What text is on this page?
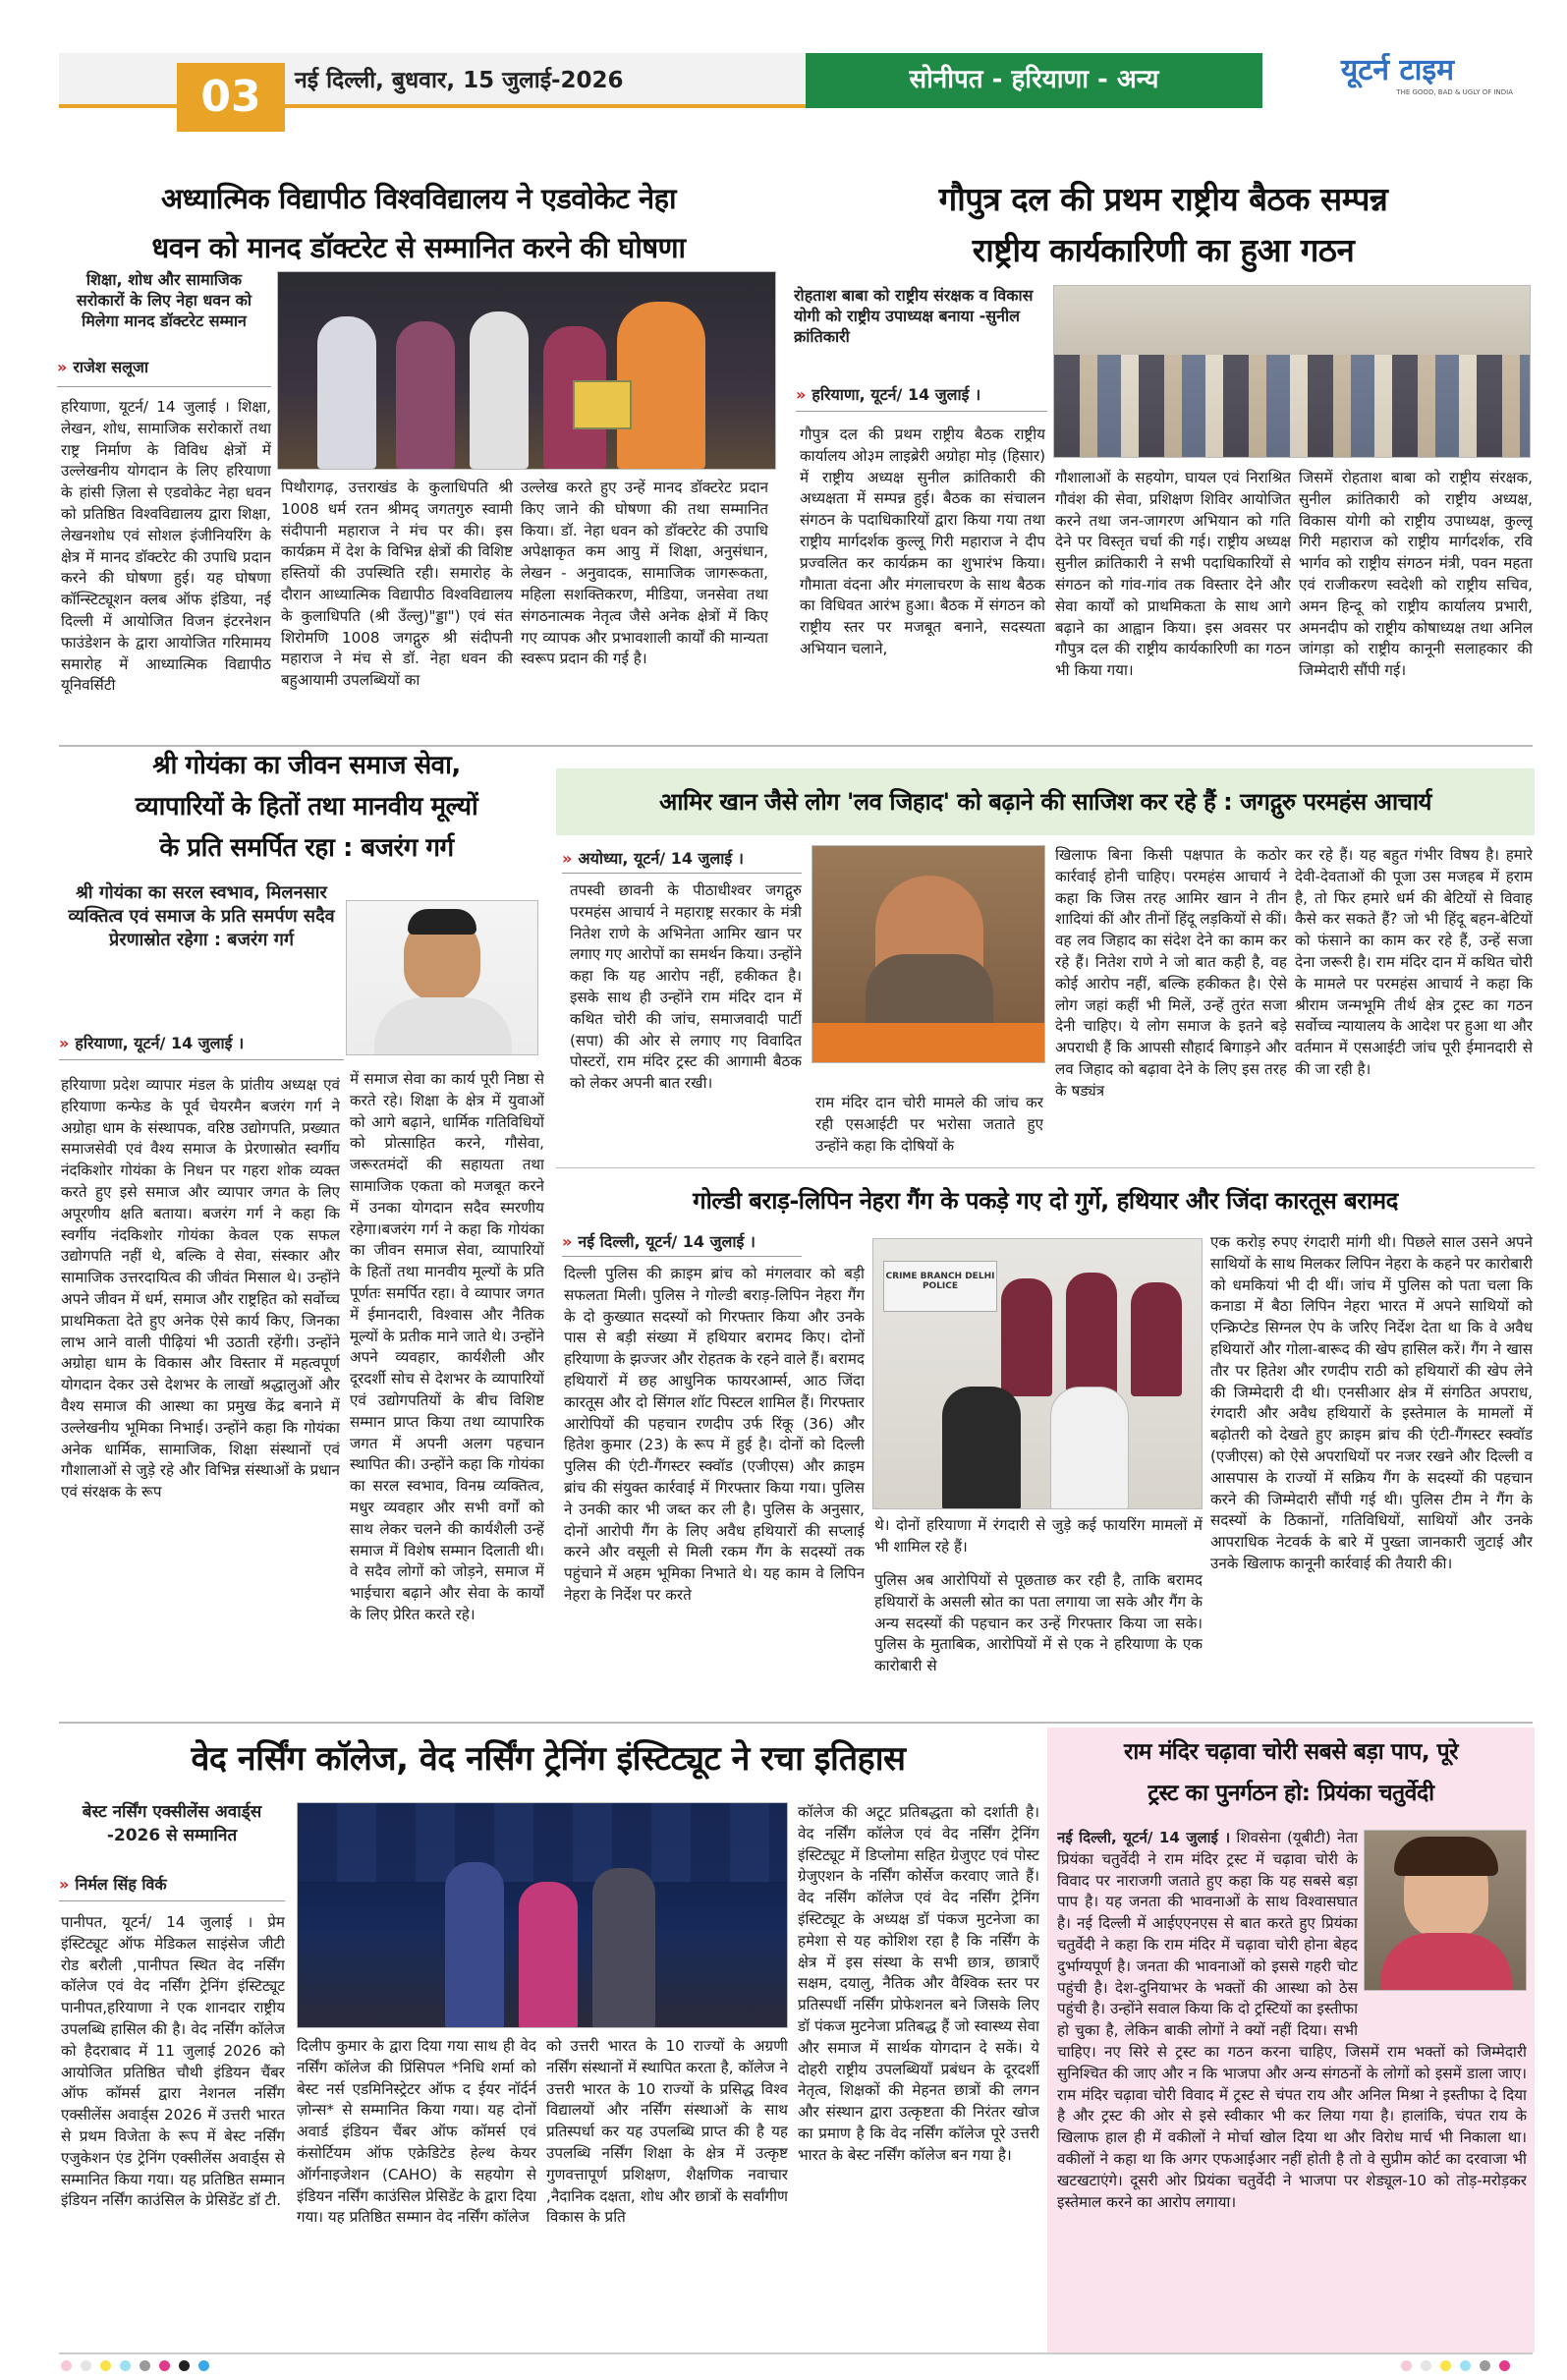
03	नई दिल्ली, बुधवार, 15 जुलाई-2026	सोनीपत - हरियाणा - अन्य	यूटर्न टाइम
THE GOOD, BAD & UGLY OF INDIA
अध्यात्मिक विद्यापीठ विश्वविद्यालय ने एडवोकेट नेहा
धवन को मानद डॉक्टरेट से सम्मानित करने की घोषणा
शिक्षा, शोध और सामाजिक सरोकारों के लिए नेहा धवन को मिलेगा मानद डॉक्टरेट सम्मान
» राजेश सलूजा
हरियाणा, यूटर्न/ 14 जुलाई । शिक्षा, लेखन, शोध, सामाजिक सरोकारों तथा राष्ट्र निर्माण के विविध क्षेत्रों में उल्लेखनीय योगदान के लिए हरियाणा के हांसी ज़िला से एडवोकेट नेहा धवन को प्रतिष्ठित विश्वविद्यालय द्वारा शिक्षा, लेखनशोध एवं सोशल इंजीनियरिंग के क्षेत्र में मानद डॉक्टरेट की उपाधि प्रदान करने की घोषणा हुई। यह घोषणा कॉन्स्टिट्यूशन क्लब ऑफ इंडिया, नई दिल्ली में आयोजित विजन इंटरनेशन फाउंडेशन के द्वारा आयोजित गरिमामय समारोह में आध्यात्मिक विद्यापीठ यूनिवर्सिटी
पिथौरागढ़, उत्तराखंड के कुलाधिपति श्री 1008 धर्म रतन श्रीमद् जगतगुरु स्वामी संदीपानी महाराज ने मंच पर की। इस कार्यक्रम में देश के विभिन्न क्षेत्रों की विशिष्ट हस्तियों की उपस्थिति रही। समारोह के दौरान आध्यात्मिक विद्यापीठ विश्वविद्यालय के कुलाधिपति (श्री उँल्लु)"ड्डा") एवं संत शिरोमणि 1008 जगद्गुरु श्री संदीपनी महाराज ने मंच से डॉ. नेहा धवन की बहुआयामी उपलब्धियों का
उल्लेख करते हुए उन्हें मानद डॉक्टरेट प्रदान किए जाने की घोषणा की तथा सम्मानित किया। डॉ. नेहा धवन को डॉक्टरेट की उपाधि अपेक्षाकृत कम आयु में शिक्षा, अनुसंधान, लेखन - अनुवादक, सामाजिक जागरूकता, महिला सशक्तिकरण, मीडिया, जनसेवा तथा संगठनात्मक नेतृत्व जैसे अनेक क्षेत्रों में किए गए व्यापक और प्रभावशाली कार्यों की मान्यता स्वरूप प्रदान की गई है।
गौपुत्र दल की प्रथम राष्ट्रीय बैठक सम्पन्न
राष्ट्रीय कार्यकारिणी का हुआ गठन
रोहताश बाबा को राष्ट्रीय संरक्षक व विकास योगी को राष्ट्रीय उपाध्यक्ष बनाया -सुनील क्रांतिकारी
» हरियाणा, यूटर्न/ 14 जुलाई ।
गौपुत्र दल की प्रथम राष्ट्रीय बैठक राष्ट्रीय कार्यालय ओ३म लाइब्रेरी अग्रोहा मोड़ (हिसार) में राष्ट्रीय अध्यक्ष सुनील क्रांतिकारी की अध्यक्षता में सम्पन्न हुई। बैठक का संचालन संगठन के पदाधिकारियों द्वारा किया गया तथा राष्ट्रीय मार्गदर्शक कुल्लू गिरी महाराज ने दीप प्रज्वलित कर कार्यक्रम का शुभारंभ किया। गौमाता वंदना और मंगलाचरण के साथ बैठक का विधिवत आरंभ हुआ। बैठक में संगठन को राष्ट्रीय स्तर पर मजबूत बनाने, सदस्यता अभियान चलाने,
गौशालाओं के सहयोग, घायल एवं निराश्रित गौवंश की सेवा, प्रशिक्षण शिविर आयोजित करने तथा जन-जागरण अभियान को गति देने पर विस्तृत चर्चा की गई। राष्ट्रीय अध्यक्ष सुनील क्रांतिकारी ने सभी पदाधिकारियों से संगठन को गांव-गांव तक विस्तार देने और सेवा कार्यों को प्राथमिकता के साथ आगे बढ़ाने का आह्वान किया। इस अवसर पर गौपुत्र दल की राष्ट्रीय कार्यकारिणी का गठन भी किया गया।
जिसमें रोहताश बाबा को राष्ट्रीय संरक्षक, सुनील क्रांतिकारी को राष्ट्रीय अध्यक्ष, विकास योगी को राष्ट्रीय उपाध्यक्ष, कुल्लू गिरी महाराज को राष्ट्रीय मार्गदर्शक, रवि भार्गव को राष्ट्रीय संगठन मंत्री, पवन महता एवं राजीकरण स्वदेशी को राष्ट्रीय सचिव, अमन हिन्दू को राष्ट्रीय कार्यालय प्रभारी, अमनदीप को राष्ट्रीय कोषाध्यक्ष तथा अनिल जांगड़ा को राष्ट्रीय कानूनी सलाहकार की जिम्मेदारी सौंपी गई।
श्री गोयंका का जीवन समाज सेवा,
व्यापारियों के हितों तथा मानवीय मूल्यों
के प्रति समर्पित रहा : बजरंग गर्ग
श्री गोयंका का सरल स्वभाव, मिलनसार व्यक्तित्व एवं समाज के प्रति समर्पण सदैव प्रेरणास्रोत रहेगा : बजरंग गर्ग
» हरियाणा, यूटर्न/ 14 जुलाई ।
हरियाणा प्रदेश व्यापार मंडल के प्रांतीय अध्यक्ष एवं हरियाणा कन्फेड के पूर्व चेयरमैन बजरंग गर्ग ने अग्रोहा धाम के संस्थापक, वरिष्ठ उद्योगपति, प्रख्यात समाजसेवी एवं वैश्य समाज के प्रेरणास्रोत स्वर्गीय नंदकिशोर गोयंका के निधन पर गहरा शोक व्यक्त करते हुए इसे समाज और व्यापार जगत के लिए अपूरणीय क्षति बताया। बजरंग गर्ग ने कहा कि स्वर्गीय नंदकिशोर गोयंका केवल एक सफल उद्योगपति नहीं थे, बल्कि वे सेवा, संस्कार और सामाजिक उत्तरदायित्व की जीवंत मिसाल थे। उन्होंने अपने जीवन में धर्म, समाज और राष्ट्रहित को सर्वोच्च प्राथमिकता देते हुए अनेक ऐसे कार्य किए, जिनका लाभ आने वाली पीढ़ियां भी उठाती रहेंगी। उन्होंने अग्रोहा धाम के विकास और विस्तार में महत्वपूर्ण योगदान देकर उसे देशभर के लाखों श्रद्धालुओं और वैश्य समाज की आस्था का प्रमुख केंद्र बनाने में उल्लेखनीय भूमिका निभाई। उन्होंने कहा कि गोयंका अनेक धार्मिक, सामाजिक, शिक्षा संस्थानों एवं गौशालाओं से जुड़े रहे और विभिन्न संस्थाओं के प्रधान एवं संरक्षक के रूप
में समाज सेवा का कार्य पूरी निष्ठा से करते रहे। शिक्षा के क्षेत्र में युवाओं को आगे बढ़ाने, धार्मिक गतिविधियों को प्रोत्साहित करने, गौसेवा, जरूरतमंदों की सहायता तथा सामाजिक एकता को मजबूत करने में उनका योगदान सदैव स्मरणीय रहेगा।बजरंग गर्ग ने कहा कि गोयंका का जीवन समाज सेवा, व्यापारियों के हितों तथा मानवीय मूल्यों के प्रति पूर्णतः समर्पित रहा। वे व्यापार जगत में ईमानदारी, विश्वास और नैतिक मूल्यों के प्रतीक माने जाते थे। उन्होंने अपने व्यवहार, कार्यशैली और दूरदर्शी सोच से देशभर के व्यापारियों एवं उद्योगपतियों के बीच विशिष्ट सम्मान प्राप्त किया तथा व्यापारिक जगत में अपनी अलग पहचान स्थापित की। उन्होंने कहा कि गोयंका का सरल स्वभाव, विनम्र व्यक्तित्व, मधुर व्यवहार और सभी वर्गों को साथ लेकर चलने की कार्यशैली उन्हें समाज में विशेष सम्मान दिलाती थी। वे सदैव लोगों को जोड़ने, समाज में भाईचारा बढ़ाने और सेवा के कार्यों के लिए प्रेरित करते रहे।
आमिर खान जैसे लोग 'लव जिहाद' को बढ़ाने की साजिश कर रहे हैं : जगद्गुरु परमहंस आचार्य
» अयोध्या, यूटर्न/ 14 जुलाई ।
तपस्वी छावनी के पीठाधीश्वर जगद्गुरु परमहंस आचार्य ने महाराष्ट्र सरकार के मंत्री नितेश राणे के अभिनेता आमिर खान पर लगाए गए आरोपों का समर्थन किया। उन्होंने कहा कि यह आरोप नहीं, हकीकत है। इसके साथ ही उन्होंने राम मंदिर दान में कथित चोरी की जांच, समाजवादी पार्टी (सपा) की ओर से लगाए गए विवादित पोस्टरों, राम मंदिर ट्रस्ट की आगामी बैठक को लेकर अपनी बात रखी।
राम मंदिर दान चोरी मामले की जांच कर रही एसआईटी पर भरोसा जताते हुए उन्होंने कहा कि दोषियों के
खिलाफ बिना किसी पक्षपात के कठोर कार्रवाई होनी चाहिए। परमहंस आचार्य ने कहा कि जिस तरह आमिर खान ने तीन शादियां कीं और तीनों हिंदू लड़कियों से कीं। वह लव जिहाद का संदेश देने का काम कर रहे हैं। नितेश राणे ने जो बात कही है, वह कोई आरोप नहीं, बल्कि हकीकत है। ऐसे लोग जहां कहीं भी मिलें, उन्हें तुरंत सजा देनी चाहिए। ये लोग समाज के इतने बड़े अपराधी हैं कि आपसी सौहार्द बिगाड़ने और लव जिहाद को बढ़ावा देने के लिए इस तरह के षड्यंत्र
कर रहे हैं। यह बहुत गंभीर विषय है। हमारे देवी-देवताओं की पूजा उस मजहब में हराम है, तो फिर हमारे धर्म की बेटियों से विवाह कैसे कर सकते हैं? जो भी हिंदू बहन-बेटियों को फंसाने का काम कर रहे हैं, उन्हें सजा देना जरूरी है। राम मंदिर दान में कथित चोरी के मामले पर परमहंस आचार्य ने कहा कि श्रीराम जन्मभूमि तीर्थ क्षेत्र ट्रस्ट का गठन सर्वोच्च न्यायालय के आदेश पर हुआ था और वर्तमान में एसआईटी जांच पूरी ईमानदारी से की जा रही है।
गोल्डी बराड़-लिपिन नेहरा गैंग के पकड़े गए दो गुर्गे, हथियार और जिंदा कारतूस बरामद
» नई दिल्ली, यूटर्न/ 14 जुलाई ।
दिल्ली पुलिस की क्राइम ब्रांच को मंगलवार को बड़ी सफलता मिली। पुलिस ने गोल्डी बराड़-लिपिन नेहरा गैंग के दो कुख्यात सदस्यों को गिरफ्तार किया और उनके पास से बड़ी संख्या में हथियार बरामद किए। दोनों हरियाणा के झज्जर और रोहतक के रहने वाले हैं। बरामद हथियारों में छह आधुनिक फायरआर्म्स, आठ जिंदा कारतूस और दो सिंगल शॉट पिस्टल शामिल हैं। गिरफ्तार आरोपियों की पहचान रणदीप उर्फ रिंकू (36) और हितेश कुमार (23) के रूप में हुई है। दोनों को दिल्ली पुलिस की एंटी-गैंगस्टर स्क्वॉड (एजीएस) और क्राइम ब्रांच की संयुक्त कार्रवाई में गिरफ्तार किया गया। पुलिस ने उनकी कार भी जब्त कर ली है। पुलिस के अनुसार, दोनों आरोपी गैंग के लिए अवैध हथियारों की सप्लाई करने और वसूली से मिली रकम गैंग के सदस्यों तक पहुंचाने में अहम भूमिका निभाते थे। यह काम वे लिपिन नेहरा के निर्देश पर करते
CRIME BRANCH DELHI POLICE
थे। दोनों हरियाणा में रंगदारी से जुड़े कई फायरिंग मामलों में भी शामिल रहे हैं।
पुलिस अब आरोपियों से पूछताछ कर रही है, ताकि बरामद हथियारों के असली स्रोत का पता लगाया जा सके और गैंग के अन्य सदस्यों की पहचान कर उन्हें गिरफ्तार किया जा सके। पुलिस के मुताबिक, आरोपियों में से एक ने हरियाणा के एक कारोबारी से
एक करोड़ रुपए रंगदारी मांगी थी। पिछले साल उसने अपने साथियों के साथ मिलकर लिपिन नेहरा के कहने पर कारोबारी को धमकियां भी दी थीं। जांच में पुलिस को पता चला कि कनाडा में बैठा लिपिन नेहरा भारत में अपने साथियों को एन्क्रिप्टेड सिग्नल ऐप के जरिए निर्देश देता था कि वे अवैध हथियारों और गोला-बारूद की खेप हासिल करें। गैंग ने खास तौर पर हितेश और रणदीप राठी को हथियारों की खेप लेने की जिम्मेदारी दी थी। एनसीआर क्षेत्र में संगठित अपराध, रंगदारी और अवैध हथियारों के इस्तेमाल के मामलों में बढ़ोतरी को देखते हुए क्राइम ब्रांच की एंटी-गैंगस्टर स्क्वॉड (एजीएस) को ऐसे अपराधियों पर नजर रखने और दिल्ली व आसपास के राज्यों में सक्रिय गैंग के सदस्यों की पहचान करने की जिम्मेदारी सौंपी गई थी। पुलिस टीम ने गैंग के सदस्यों के ठिकानों, गतिविधियों, साथियों और उनके आपराधिक नेटवर्क के बारे में पुख्ता जानकारी जुटाई और उनके खिलाफ कानूनी कार्रवाई की तैयारी की।
वेद नर्सिंग कॉलेज, वेद नर्सिंग ट्रेनिंग इंस्टिट्यूट ने रचा इतिहास
बेस्ट नर्सिंग एक्सीलेंस अवार्ड्स -2026 से सम्मानित
» निर्मल सिंह विर्क
पानीपत, यूटर्न/ 14 जुलाई । प्रेम इंस्टिट्यूट ऑफ मेडिकल साइंसेज जीटी रोड बरौली ,पानीपत स्थित वेद नर्सिंग कॉलेज एवं वेद नर्सिंग ट्रेनिंग इंस्टिट्यूट पानीपत,हरियाणा ने एक शानदार राष्ट्रीय उपलब्धि हासिल की है। वेद नर्सिंग कॉलेज को हैदराबाद में 11 जुलाई 2026 को आयोजित प्रतिष्ठित चौथी इंडियन चैंबर ऑफ कॉमर्स द्वारा नेशनल नर्सिंग एक्सीलेंस अवार्ड्स 2026 में उत्तरी भारत से प्रथम विजेता के रूप में बेस्ट नर्सिंग एजुकेशन एंड ट्रेनिंग एक्सीलेंस अवार्ड्स से सम्मानित किया गया। यह प्रतिष्ठित सम्मान इंडियन नर्सिंग काउंसिल के प्रेसिडेंट डॉ टी.
दिलीप कुमार के द्वारा दिया गया साथ ही वेद नर्सिंग कॉलेज की प्रिंसिपल *निधि शर्मा को बेस्ट नर्स एडमिनिस्ट्रेटर ऑफ द ईयर नॉर्दर्न ज़ोन्स* से सम्मानित किया गया। यह दोनों अवार्ड इंडियन चैंबर ऑफ कॉमर्स एवं कंसोर्टियम ऑफ एक्रेडिटेड हेल्थ केयर ऑर्गनाइजेशन (CAHO) के सहयोग से इंडियन नर्सिंग काउंसिल प्रेसिडेंट के द्वारा दिया गया। यह प्रतिष्ठित सम्मान वेद नर्सिंग कॉलेज
को उत्तरी भारत के 10 राज्यों के अग्रणी नर्सिंग संस्थानों में स्थापित करता है, कॉलेज ने उत्तरी भारत के 10 राज्यों के प्रसिद्ध विश्व विद्यालयों और नर्सिंग संस्थाओं के साथ प्रतिस्पर्धा कर यह उपलब्धि प्राप्त की है यह उपलब्धि नर्सिंग शिक्षा के क्षेत्र में उत्कृष्ट गुणवत्तापूर्ण प्रशिक्षण, शैक्षणिक नवाचार ,नैदानिक दक्षता, शोध और छात्रों के सर्वांगीण विकास के प्रति
कॉलेज की अटूट प्रतिबद्धता को दर्शाती है। वेद नर्सिंग कॉलेज एवं वेद नर्सिंग ट्रेनिंग इंस्टिट्यूट में डिप्लोमा सहित ग्रेजुएट एवं पोस्ट ग्रेजुएशन के नर्सिंग कोर्सेज करवाए जाते हैं। वेद नर्सिंग कॉलेज एवं वेद नर्सिंग ट्रेनिंग इंस्टिट्यूट के अध्यक्ष डॉ पंकज मुटनेजा का हमेशा से यह कोशिश रहा है कि नर्सिंग के क्षेत्र में इस संस्था के सभी छात्र, छात्राएँ सक्षम, दयालु, नैतिक और वैश्विक स्तर पर प्रतिस्पर्धी नर्सिंग प्रोफेशनल बने जिसके लिए डॉ पंकज मुटनेजा प्रतिबद्ध हैं जो स्वास्थ्य सेवा और समाज में सार्थक योगदान दे सकें। ये दोहरी राष्ट्रीय उपलब्धियाँ प्रबंधन के दूरदर्शी नेतृत्व, शिक्षकों की मेहनत छात्रों की लगन और संस्थान द्वारा उत्कृष्टता की निरंतर खोज का प्रमाण है कि वेद नर्सिंग कॉलेज पूरे उत्तरी भारत के बेस्ट नर्सिंग कॉलेज बन गया है।
राम मंदिर चढ़ावा चोरी सबसे बड़ा पाप, पूरे
ट्रस्ट का पुनर्गठन हो: प्रियंका चतुर्वेदी
नई दिल्ली, यूटर्न/ 14 जुलाई । शिवसेना (यूबीटी) नेता प्रियंका चतुर्वेदी ने राम मंदिर ट्रस्ट में चढ़ावा चोरी के विवाद पर नाराजगी जताते हुए कहा कि यह सबसे बड़ा पाप है। यह जनता की भावनाओं के साथ विश्वासघात है। नई दिल्ली में आईएएनएस से बात करते हुए प्रियंका चतुर्वेदी ने कहा कि राम मंदिर में चढ़ावा चोरी होना बेहद दुर्भाग्यपूर्ण है। जनता की भावनाओं को इससे गहरी चोट पहुंची है। देश-दुनियाभर के भक्तों की आस्था को ठेस पहुंची है। उन्होंने सवाल किया कि दो ट्रस्टियों का इस्तीफा हो चुका है, लेकिन बाकी लोगों ने क्यों नहीं दिया। सभी
चाहिए। नए सिरे से ट्रस्ट का गठन करना चाहिए, जिसमें राम भक्तों को जिम्मेदारी सुनिश्चित की जाए और न कि भाजपा और अन्य संगठनों के लोगों को इसमें डाला जाए। राम मंदिर चढ़ावा चोरी विवाद में ट्रस्ट से चंपत राय और अनिल मिश्रा ने इस्तीफा दे दिया है और ट्रस्ट की ओर से इसे स्वीकार भी कर लिया गया है। हालांकि, चंपत राय के खिलाफ हाल ही में वकीलों ने मोर्चा खोल दिया था और विरोध मार्च भी निकाला था। वकीलों ने कहा था कि अगर एफआईआर नहीं होती है तो वे सुप्रीम कोर्ट का दरवाजा भी खटखटाएंगे। दूसरी ओर प्रियंका चतुर्वेदी ने भाजपा पर शेड्यूल-10 को तोड़-मरोड़कर इस्तेमाल करने का आरोप लगाया।
